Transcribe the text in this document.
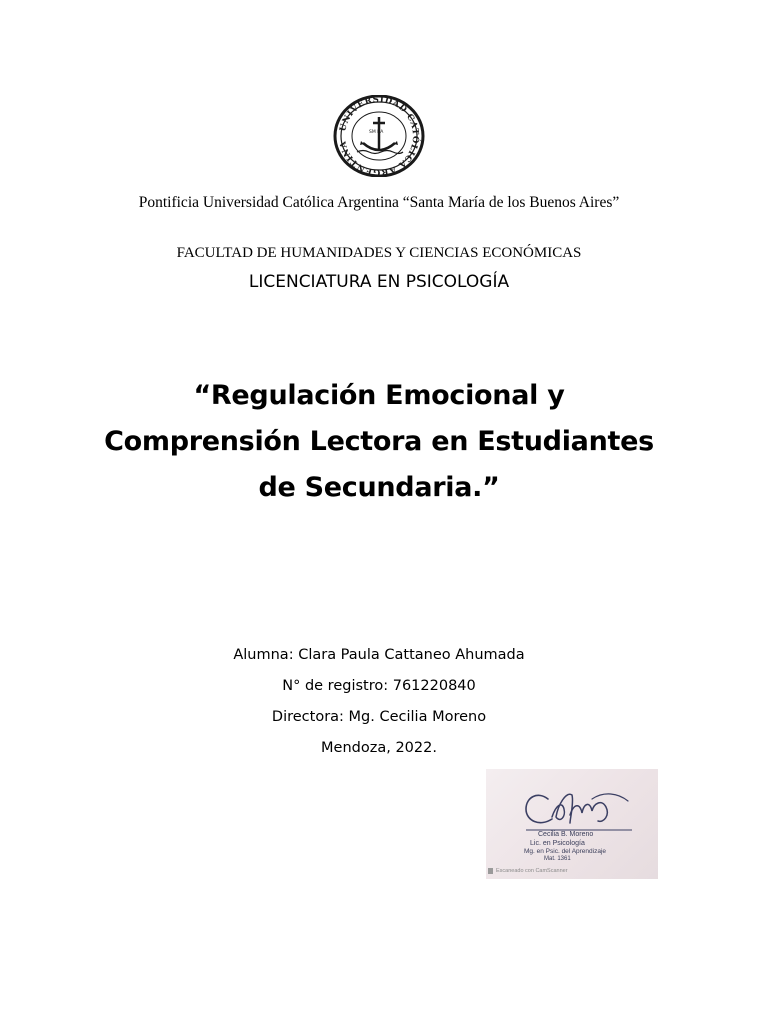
UNIVERSIDAD CATÓLICA ARGENTINA
SM BA
Pontificia Universidad Católica Argentina “Santa María de los Buenos Aires”
FACULTAD DE HUMANIDADES Y CIENCIAS ECONÓMICAS
LICENCIATURA EN PSICOLOGÍA
“Regulación Emocional y
Comprensión Lectora en Estudiantes
de Secundaria.”
Alumna: Clara Paula Cattaneo Ahumada
N° de registro: 761220840
Directora: Mg. Cecilia Moreno
Mendoza, 2022.
Cecilia B. Moreno
Lic. en Psicología
Mg. en Psic. del Aprendizaje
Mat. 1361
Escaneado con CamScanner
